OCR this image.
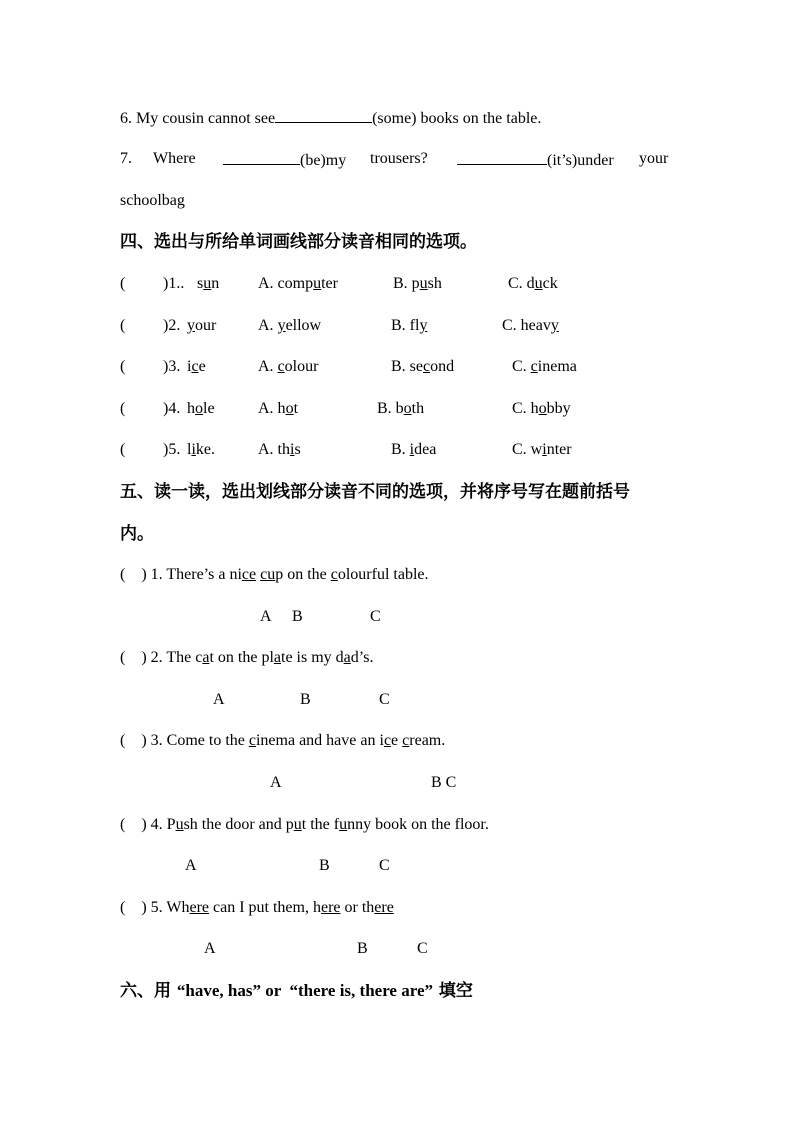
6. My cousin cannot see	(some) books on the table.
7. Where	(be)my trousers?	(it’s)under your
schoolbag
四、选出与所给单词画线部分读音相同的选项。
( )1.. sun A. computer	B. push	C. duck
( )2. your	A. yellow	B. fly	C. heavy
( )3. ice	A. colour	B. second	C. cinema
( )4. hole	A. hot	B. both	C. hobby
( )5. like.	A. this	B. idea	C. winter
五、读一读，选出划线部分读音不同的选项，并将序号写在题前括号
内。
(    ) 1. There’s a nice cup on the colourful table.
A B	C
(    ) 2. The cat on the plate is my dad’s.
A	B	C
(    ) 3. Come to the cinema and have an ice cream.
A	B C
(    ) 4. Push the door and put the funny book on the floor.
A	B	C
(    ) 5. Where can I put them, here or there
A	B	C
六、用 “have, has” or  “there is, there are” 填空
